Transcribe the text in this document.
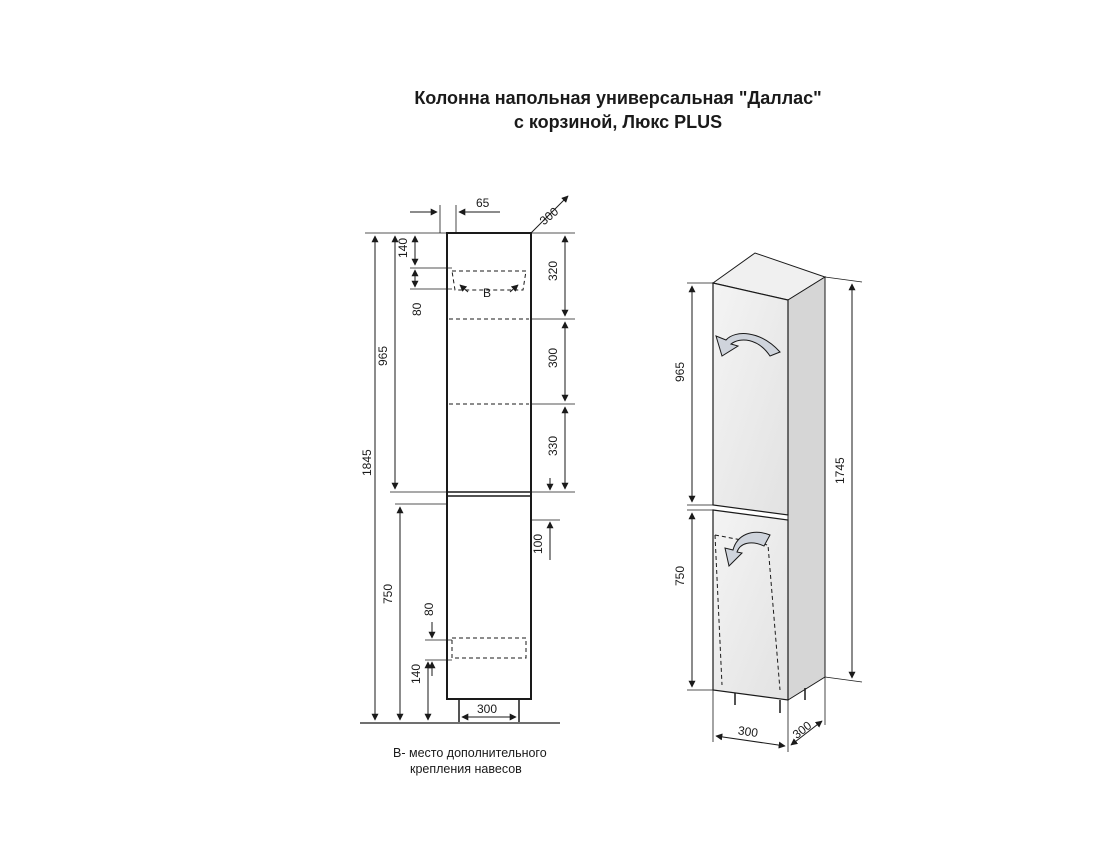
Колонна напольная универсальная "Даллас"
с корзиной, Люкс PLUS
65
300
1845
965
140
80
B
320
300
330
100
750
80
140
300
965
750
1745
300	300
B- место дополнительного
крепления навесов
